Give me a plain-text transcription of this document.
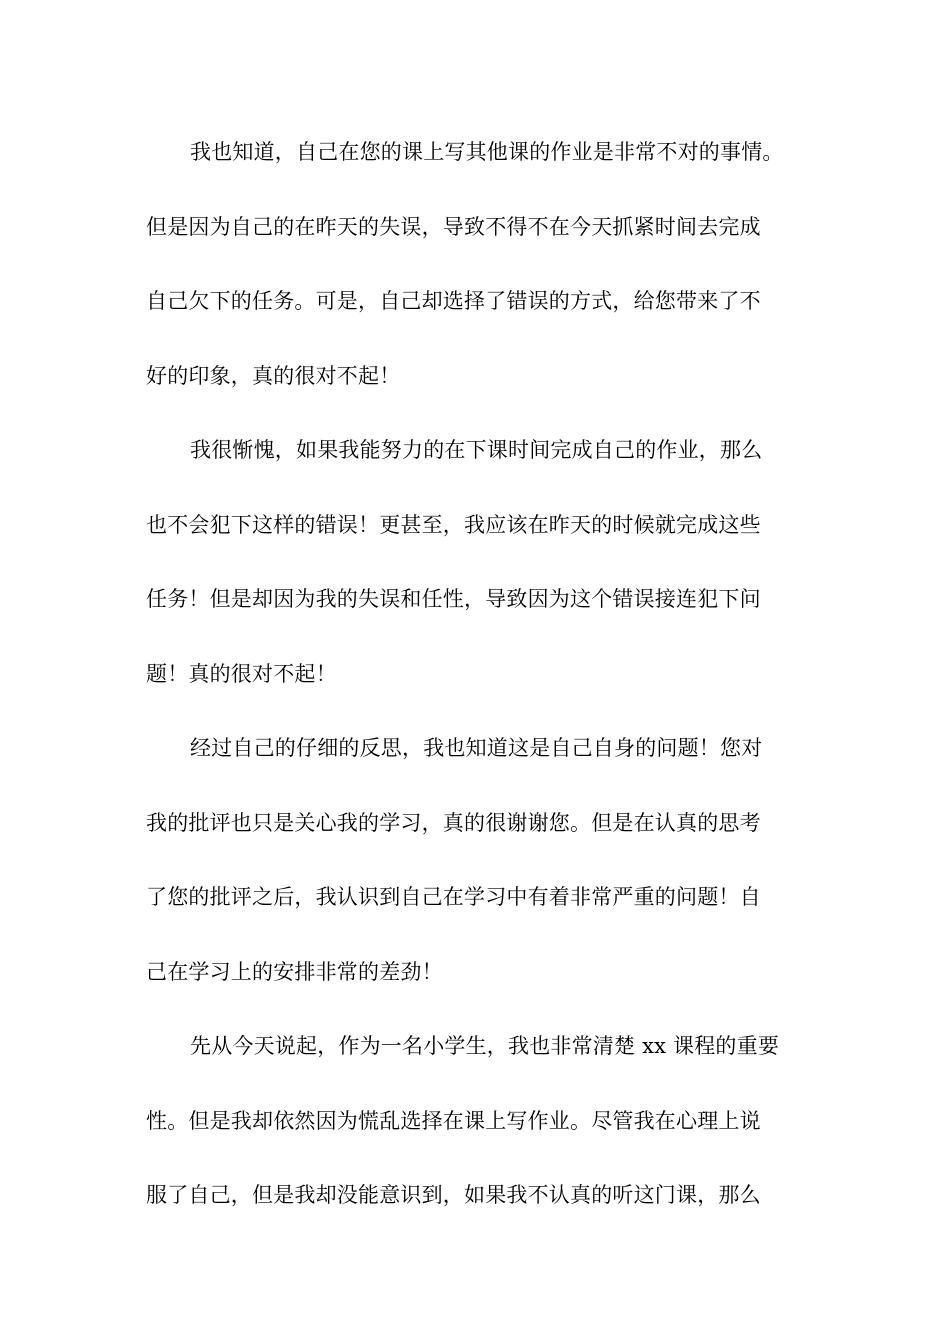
我也知道，自己在您的课上写其他课的作业是非常不对的事情。
但是因为自己的在昨天的失误，导致不得不在今天抓紧时间去完成
自己欠下的任务。可是，自己却选择了错误的方式，给您带来了不
好的印象，真的很对不起！
我很惭愧，如果我能努力的在下课时间完成自己的作业，那么
也不会犯下这样的错误！更甚至，我应该在昨天的时候就完成这些
任务！但是却因为我的失误和任性，导致因为这个错误接连犯下问
题！真的很对不起！
经过自己的仔细的反思，我也知道这是自己自身的问题！您对
我的批评也只是关心我的学习，真的很谢谢您。但是在认真的思考
了您的批评之后，我认识到自己在学习中有着非常严重的问题！自
己在学习上的安排非常的差劲！
先从今天说起，作为一名小学生，我也非常清楚 xx 课程的重要
性。但是我却依然因为慌乱选择在课上写作业。尽管我在心理上说
服了自己，但是我却没能意识到，如果我不认真的听这门课，那么
